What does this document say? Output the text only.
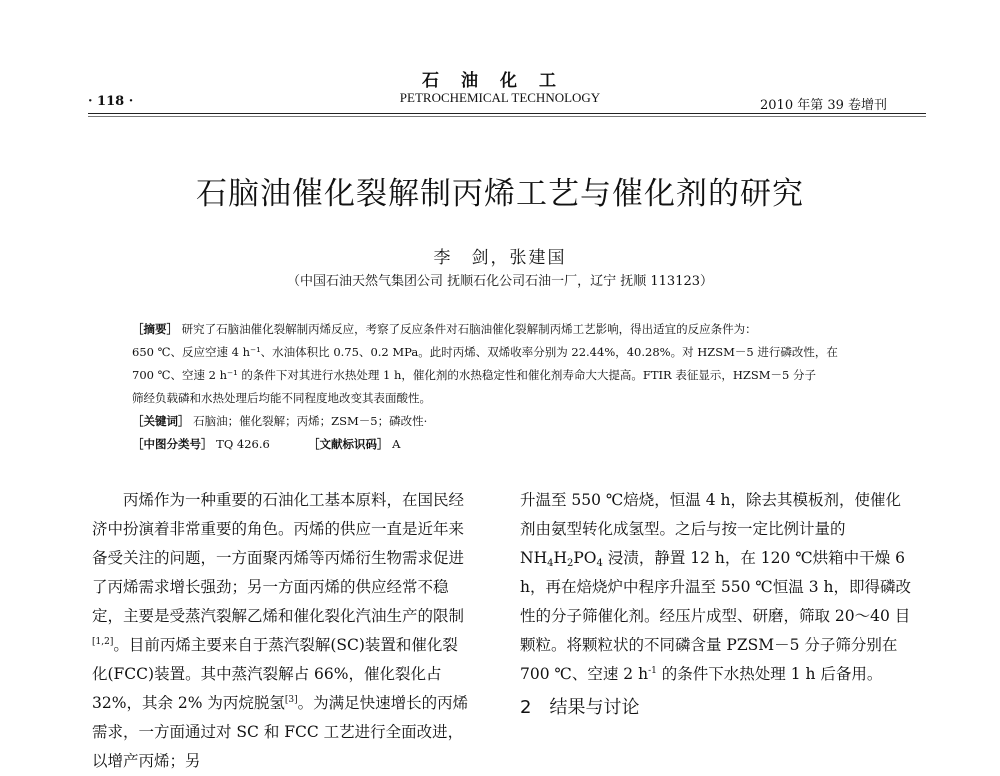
石油化工
PETROCHEMICAL TECHNOLOGY
· 118 ·	2010 年第 39 卷增刊
石脑油催化裂解制丙烯工艺与催化剂的研究
李　剑，张建国
（中国石油天然气集团公司 抚顺石化公司石油一厂，辽宁 抚顺 113123）

［摘要］ 研究了石脑油催化裂解制丙烯反应，考察了反应条件对石脑油催化裂解制丙烯工艺影响，得出适宜的反应条件为：

650 ℃、反应空速 4 h⁻¹、水油体积比 0.75、0.2 MPa。此时丙烯、双烯收率分别为 22.44%，40.28%。对 HZSM－5 进行磷改性，在

700 ℃、空速 2 h⁻¹ 的条件下对其进行水热处理 1 h，催化剂的水热稳定性和催化剂寿命大大提高。FTIR 表征显示，HZSM－5 分子

筛经负载磷和水热处理后均能不同程度地改变其表面酸性。

［关键词］ 石脑油；催化裂解；丙烯；ZSM－5；磷改性·

［中图分类号］ TQ 426.6　　　	［文献标识码］ A

丙烯作为一种重要的石油化工基本原料，在国民经济中扮演着非常重要的角色。丙烯的供应一直是近年来备受关注的问题，一方面聚丙烯等丙烯衍生物需求促进了丙烯需求增长强劲；另一方面丙烯的供应经常不稳定，主要是受蒸汽裂解乙烯和催化裂化汽油生产的限制[1,2]。目前丙烯主要来自于蒸汽裂解(SC)装置和催化裂化(FCC)装置。其中蒸汽裂解占 66%，催化裂化占 32%，其余 2% 为丙烷脱氢[3]。为满足快速增长的丙烯需求，一方面通过对 SC 和 FCC 工艺进行全面改进，以增产丙烯；另

升温至 550 ℃焙烧，恒温 4 h，除去其模板剂，使催化剂由氨型转化成氢型。之后与按一定比例计量的 $NH_4H_2PO_4$ 浸渍，静置 12 h，在 120 ℃烘箱中干燥 6 h，再在焙烧炉中程序升温至 550 ℃恒温 3 h，即得磷改性的分子筛催化剂。经压片成型、研磨，筛取 20～40 目颗粒。将颗粒状的不同磷含量 PZSM－5 分子筛分别在 700 ℃、空速 2 $h^{-1}$ 的条件下水热处理 1 h 后备用。

2　结果与讨论
